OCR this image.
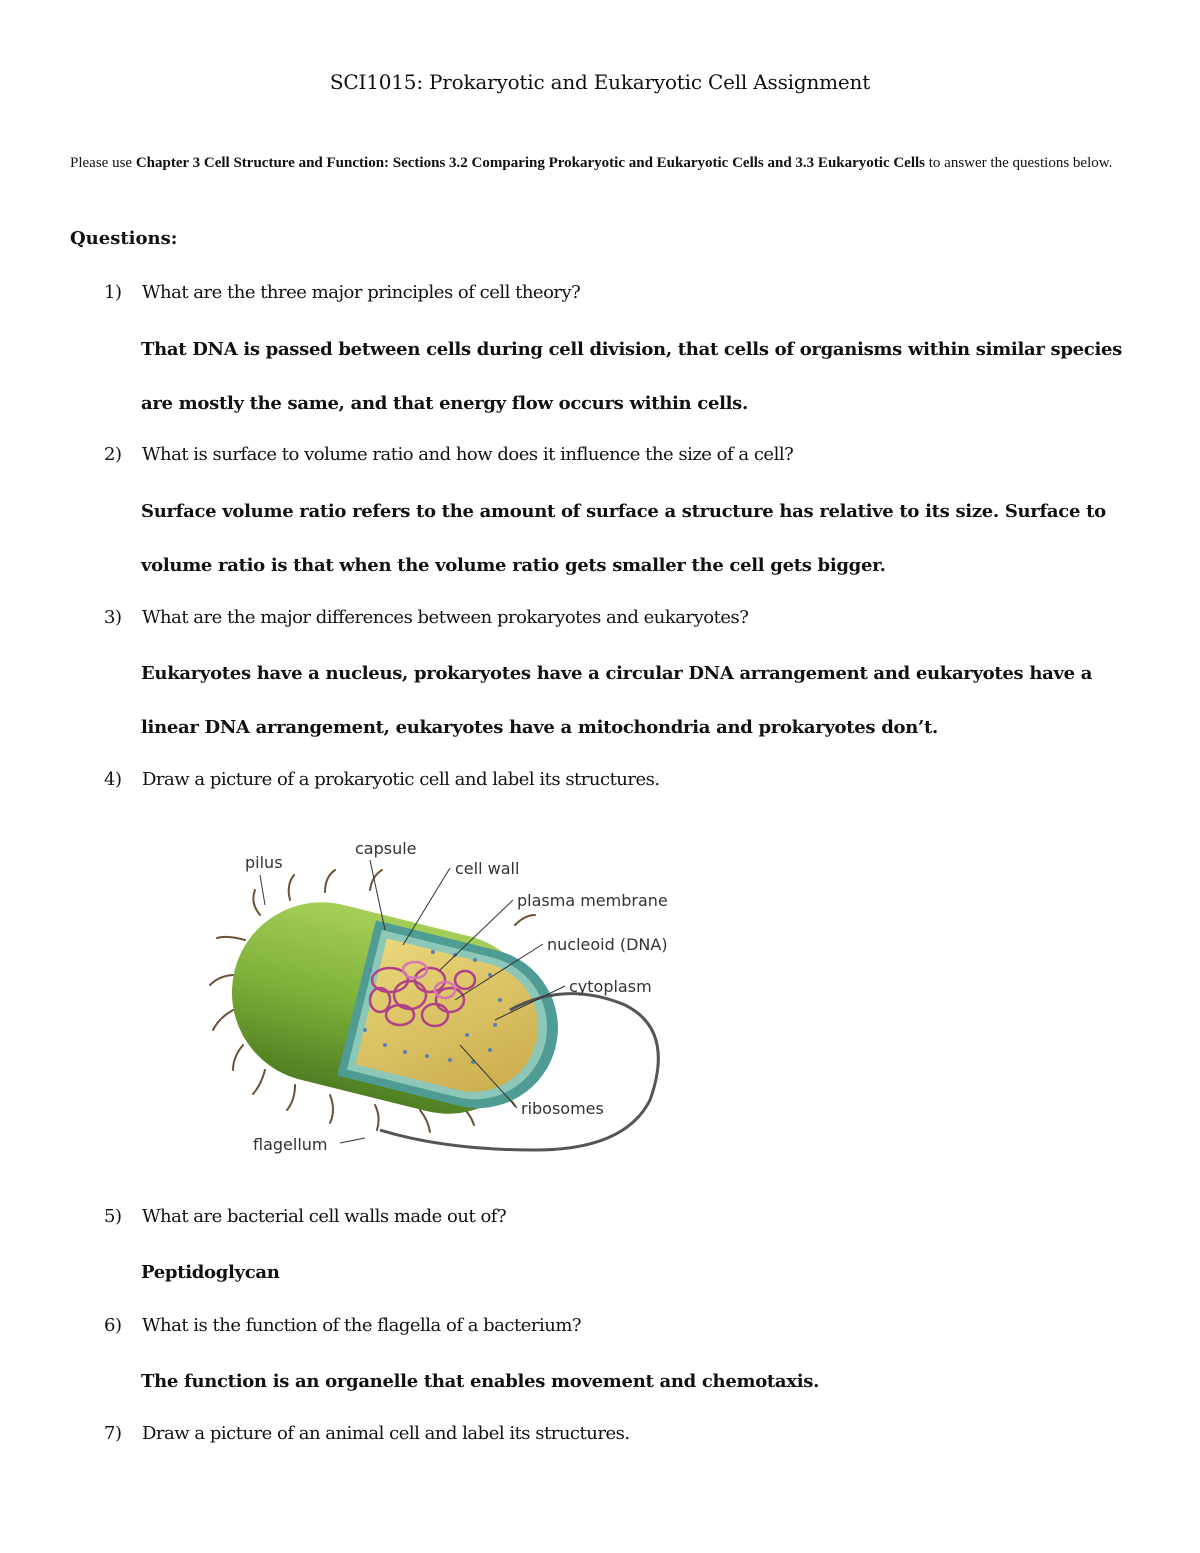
SCI1015: Prokaryotic and Eukaryotic Cell Assignment
Please use Chapter 3 Cell Structure and Function: Sections 3.2 Comparing Prokaryotic and Eukaryotic Cells and 3.3 Eukaryotic Cells to answer the questions below.
Questions:
1) What are the three major principles of cell theory?
That DNA is passed between cells during cell division, that cells of organisms within similar species are mostly the same, and that energy flow occurs within cells.
2) What is surface to volume ratio and how does it influence the size of a cell?
Surface volume ratio refers to the amount of surface a structure has relative to its size. Surface to volume ratio is that when the volume ratio gets smaller the cell gets bigger.
3) What are the major differences between prokaryotes and eukaryotes?
Eukaryotes have a nucleus, prokaryotes have a circular DNA arrangement and eukaryotes have a linear DNA arrangement, eukaryotes have a mitochondria and prokaryotes don’t.
4) Draw a picture of a prokaryotic cell and label its structures.
pilus
capsule
cell wall
plasma membrane
nucleoid (DNA)
cytoplasm
ribosomes
flagellum
5) What are bacterial cell walls made out of?
Peptidoglycan
6) What is the function of the flagella of a bacterium?
The function is an organelle that enables movement and chemotaxis.
7) Draw a picture of an animal cell and label its structures.
